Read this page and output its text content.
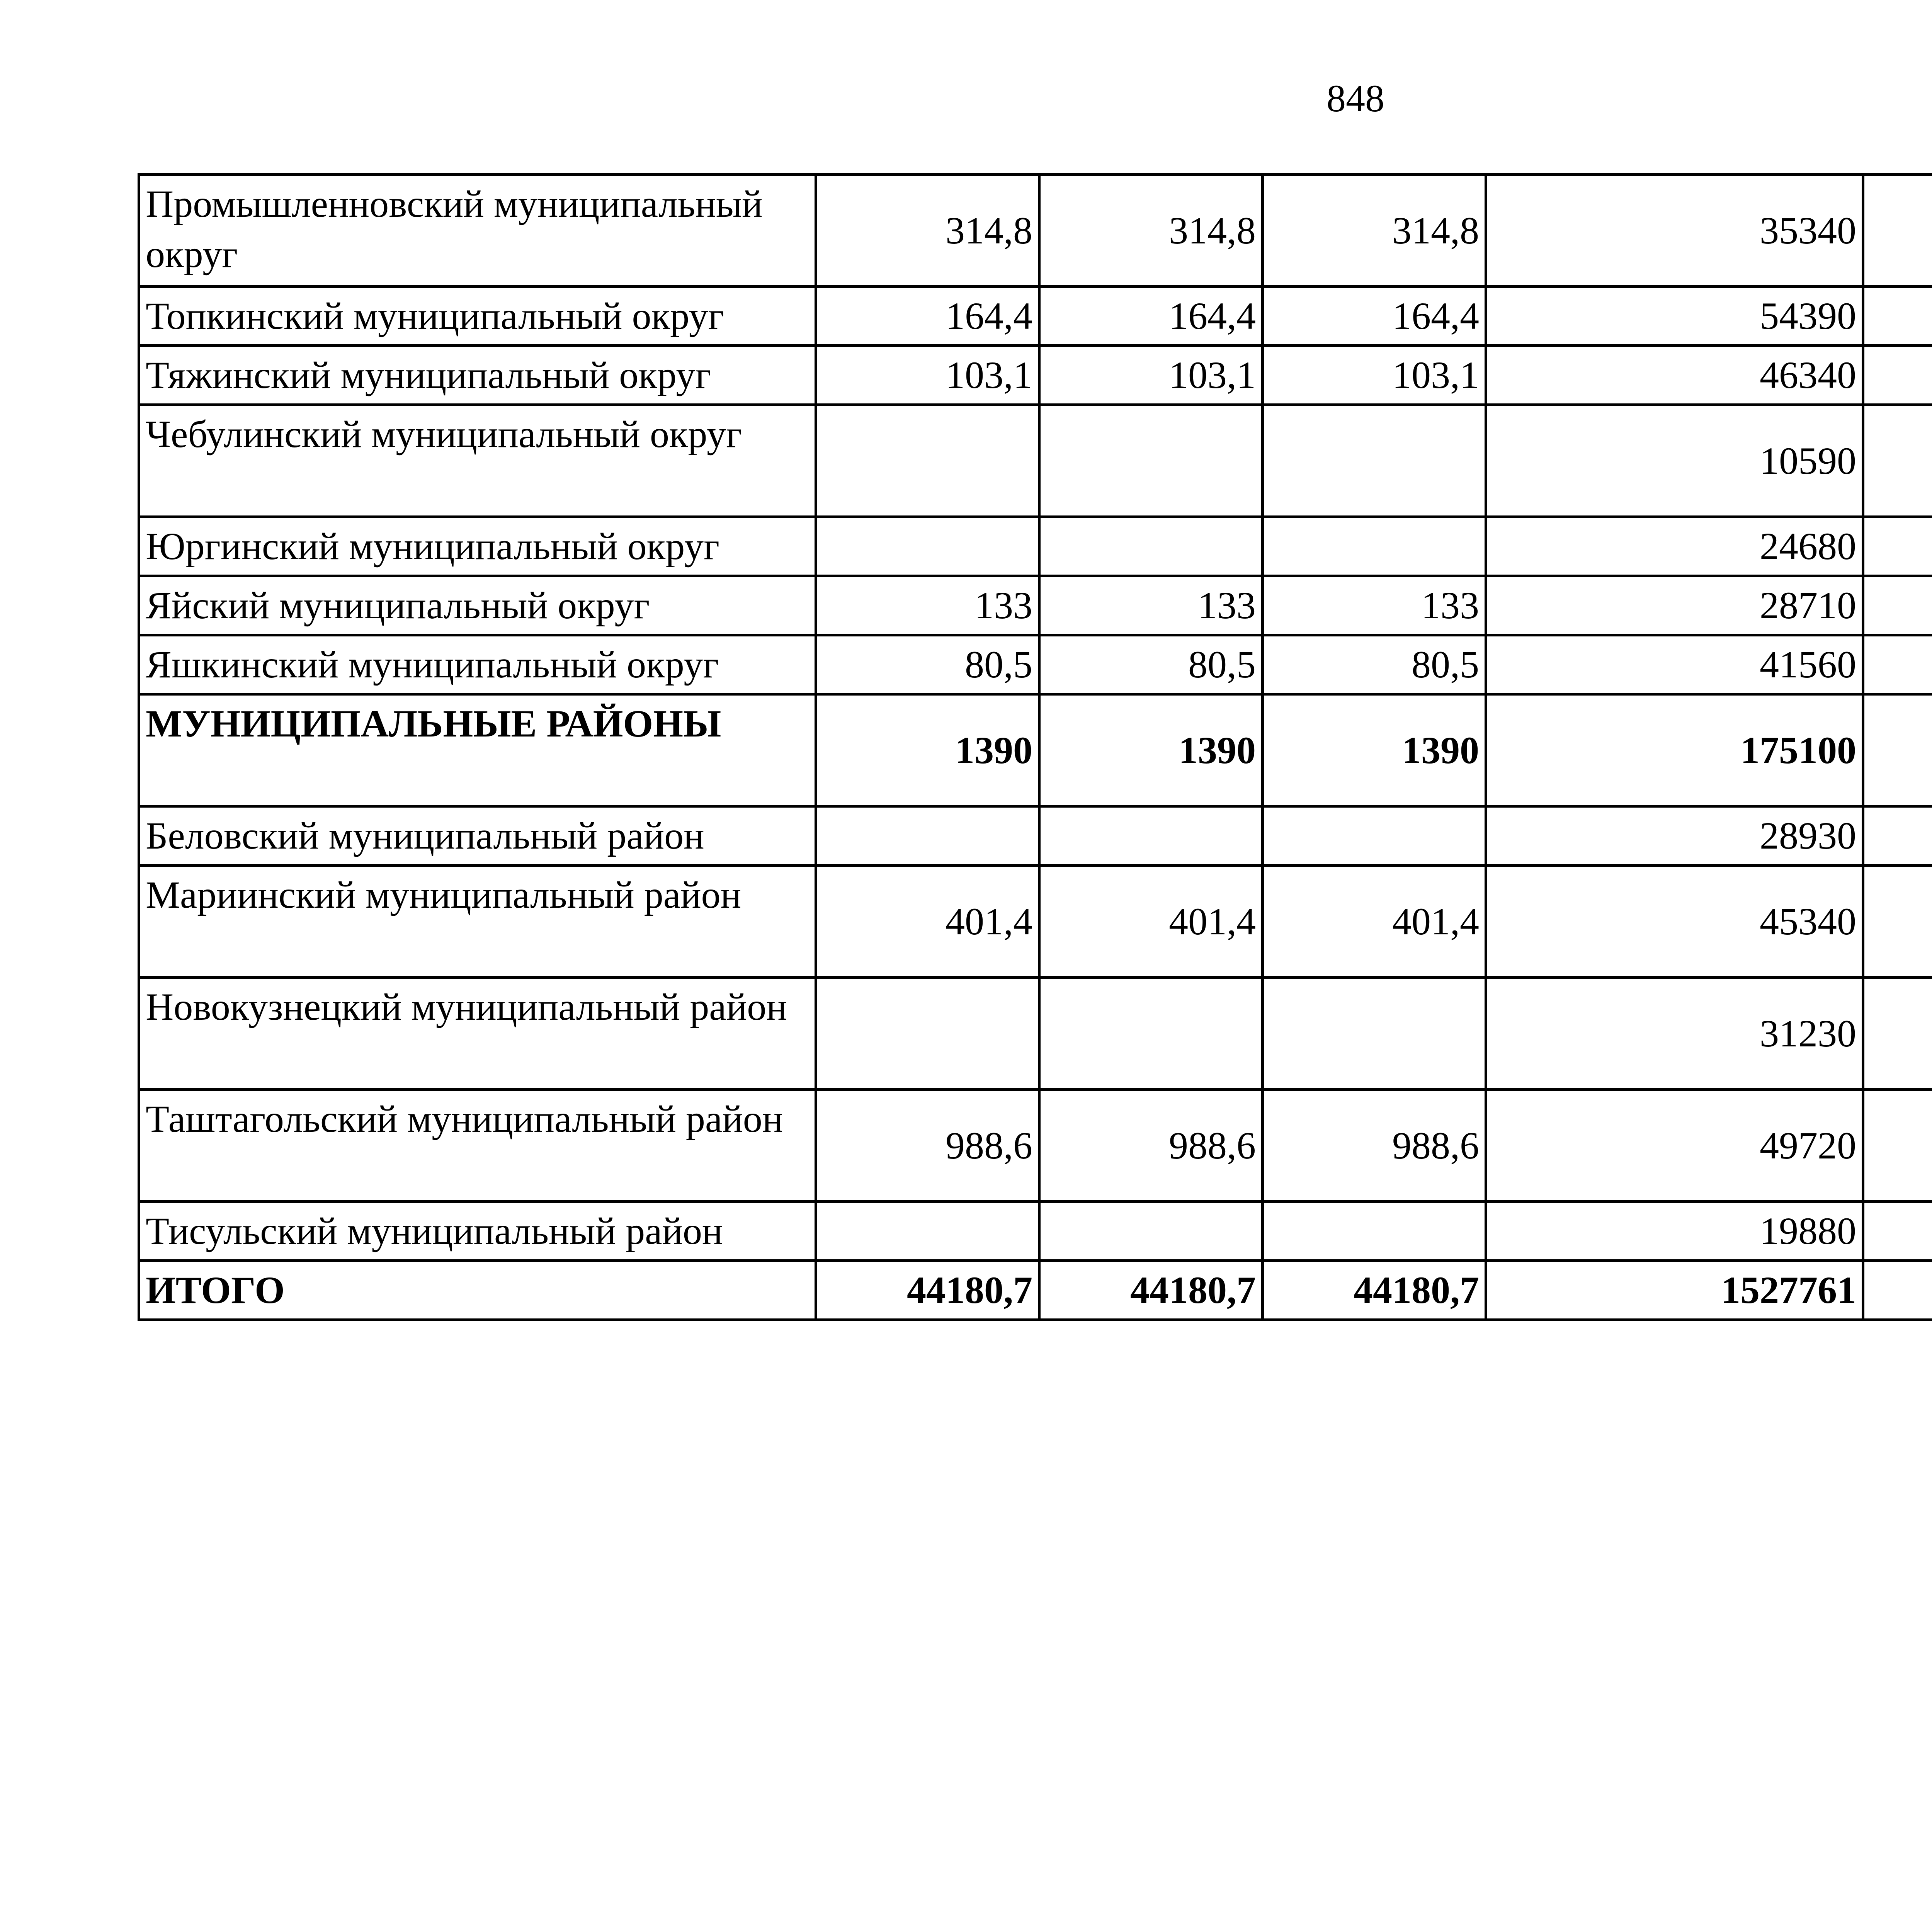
848
Промышленновский муниципальный округ	314,8	314,8	314,8	35340		
Топкинский муниципальный округ	164,4	164,4	164,4	54390		
Тяжинский муниципальный округ	103,1	103,1	103,1	46340		
Чебулинский муниципальный округ				10590		
Юргинский муниципальный округ				24680		
Яйский муниципальный округ	133	133	133	28710		
Яшкинский муниципальный округ	80,5	80,5	80,5	41560		
МУНИЦИПАЛЬНЫЕ РАЙОНЫ	1390	1390	1390	175100		
Беловский муниципальный район				28930		
Мариинский муниципальный район	401,4	401,4	401,4	45340		
Новокузнецкий муниципальный район				31230		
Таштагольский муниципальный район	988,6	988,6	988,6	49720		
Тисульский муниципальный район				19880		
ИТОГО	44180,7	44180,7	44180,7	1527761		
